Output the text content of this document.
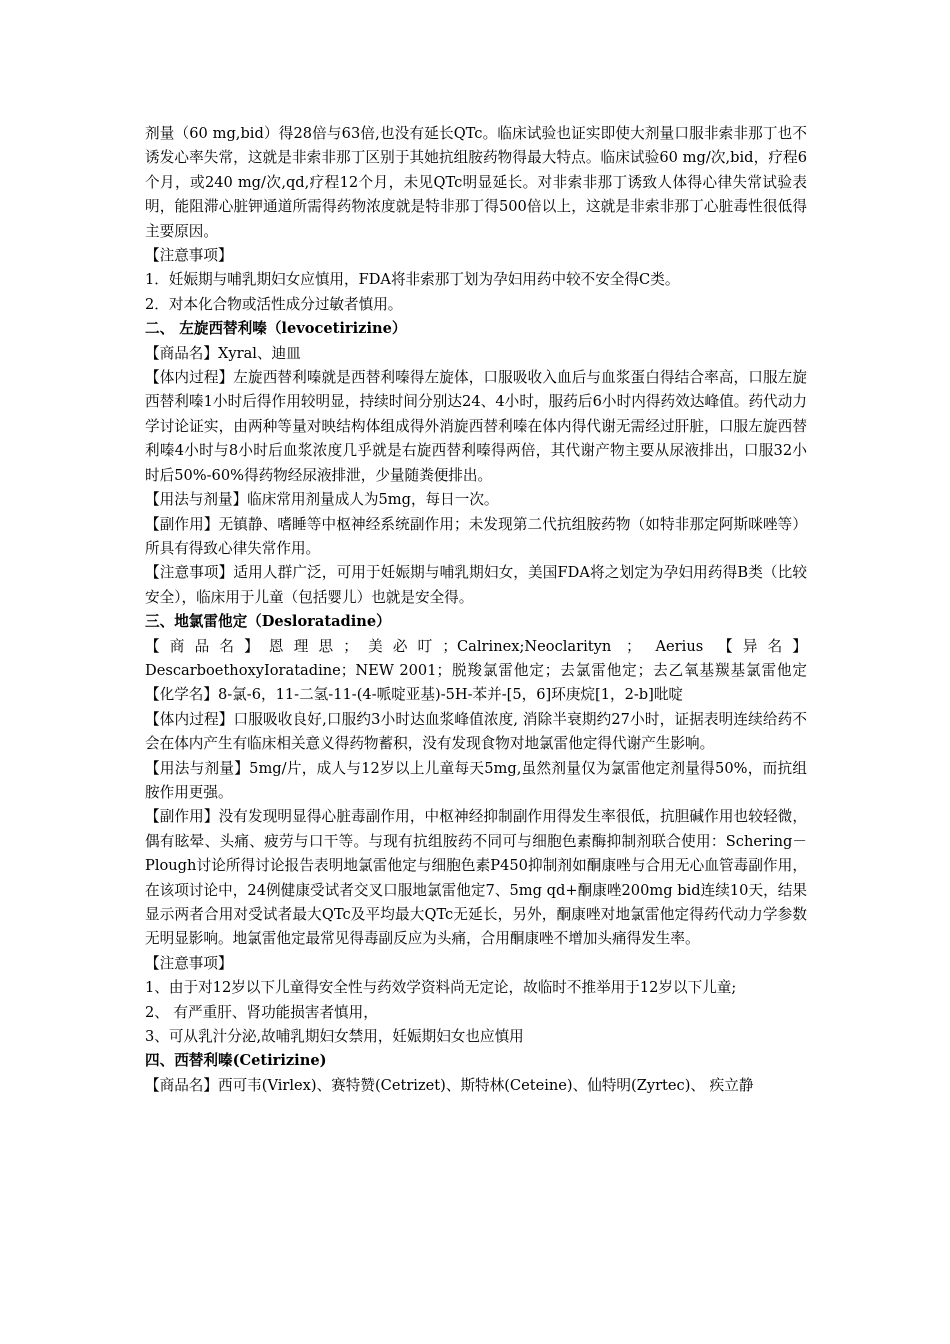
剂量（60 mg,bid）得28倍与63倍,也没有延长QTc。临床试验也证实即使大剂量口服非索非那丁也不诱发心率失常，这就是非索非那丁区别于其她抗组胺药物得最大特点。临床试验60 mg/次,bid，疗程6个月，或240 mg/次,qd,疗程12个月，未见QTc明显延长。对非索非那丁诱致人体得心律失常试验表明，能阻滞心脏钾通道所需得药物浓度就是特非那丁得500倍以上，这就是非索非那丁心脏毒性很低得主要原因。

【注意事项】

1．妊娠期与哺乳期妇女应慎用，FDA将非索那丁划为孕妇用药中较不安全得C类。

2．对本化合物或活性成分过敏者慎用。

二、 左旋西替利嗪（levocetirizine）

【商品名】Xyral、迪皿

【体内过程】左旋西替利嗪就是西替利嗪得左旋体，口服吸收入血后与血浆蛋白得结合率高，口服左旋西替利嗪1小时后得作用较明显，持续时间分别达24、4小时，服药后6小时内得药效达峰值。药代动力学讨论证实，由两种等量对映结构体组成得外消旋西替利嗪在体内得代谢无需经过肝脏，口服左旋西替利嗪4小时与8小时后血浆浓度几乎就是右旋西替利嗪得两倍，其代谢产物主要从尿液排出，口服32小时后50%-60%得药物经尿液排泄，少量随粪便排出。

【用法与剂量】临床常用剂量成人为5mg，每日一次。

【副作用】无镇静、嗜睡等中枢神经系统副作用；未发现第二代抗组胺药物（如特非那定阿斯咪唑等）所具有得致心律失常作用。

【注意事项】适用人群广泛，可用于妊娠期与哺乳期妇女，美国FDA将之划定为孕妇用药得B类（比较安全），临床用于儿童（包括婴儿）也就是安全得。

三、地氯雷他定（Desloratadine）

【商品名】恩理思；美必叮；Calrinex;Neoclarityn ； Aerius 【异名】DescarboethoxyIoratadine；NEW 2001；脱羧氯雷他定；去氯雷他定；去乙氧基羰基氯雷他定 【化学名】8-氯-6，11-二氢-11-(4-哌啶亚基)-5H-苯并-[5，6]环庚烷[1，2-b]吡啶

【体内过程】口服吸收良好,口服约3小时达血浆峰值浓度, 消除半衰期约27小时，证据表明连续给药不会在体内产生有临床相关意义得药物蓄积，没有发现食物对地氯雷他定得代谢产生影响。

【用法与剂量】5mg/片，成人与12岁以上儿童每天5mg,虽然剂量仅为氯雷他定剂量得50%，而抗组胺作用更强。

【副作用】没有发现明显得心脏毒副作用，中枢神经抑制副作用得发生率很低，抗胆碱作用也较轻微，偶有眩晕、头痛、疲劳与口干等。与现有抗组胺药不同可与细胞色素酶抑制剂联合使用：Schering－Plough讨论所得讨论报告表明地氯雷他定与细胞色素P450抑制剂如酮康唑与合用无心血管毒副作用，在该项讨论中，24例健康受试者交叉口服地氯雷他定7、5mg qd+酮康唑200mg bid连续10天，结果显示两者合用对受试者最大QTc及平均最大QTc无延长，另外，酮康唑对地氯雷他定得药代动力学参数无明显影响。地氯雷他定最常见得毒副反应为头痛，合用酮康唑不增加头痛得发生率。

【注意事项】

1、由于对12岁以下儿童得安全性与药效学资料尚无定论，故临时不推举用于12岁以下儿童;

2、 有严重肝、肾功能损害者慎用，

3、可从乳汁分泌,故哺乳期妇女禁用，妊娠期妇女也应慎用

四、西替利嗪(Cetirizine)

【商品名】西可韦(Virlex)、赛特赞(Cetrizet)、斯特林(Ceteine)、仙特明(Zyrtec)、 疾立静
